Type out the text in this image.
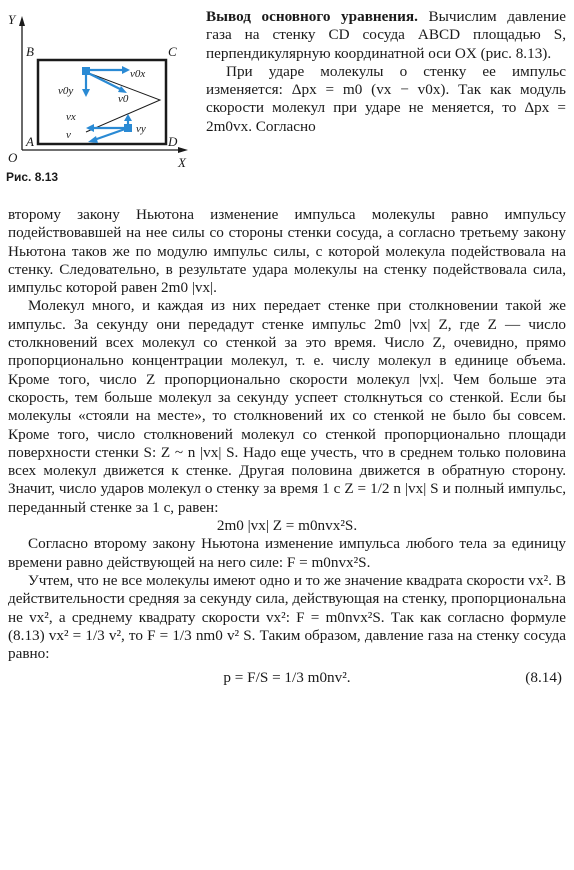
Y
X
O
A
B	C
D
v0y
v0x
v0
vx
vy
v
Рис. 8.13

Вывод основного уравнения. Вычислим давление газа на стенку CD сосуда ABCD площадью S, перпендикулярную координатной оси OX (рис. 8.13).

При ударе молекулы о стенку ее импульс изменяется: Δpx = m0 (vx − v0x). Так как модуль скорости молекул при ударе не меняется, то Δpx = 2m0vx. Согласно

второму закону Ньютона изменение импульса молекулы равно импульсу подействовавшей на нее силы со стороны стенки сосуда, а согласно третьему закону Ньютона таков же по модулю импульс силы, с которой молекула подействовала на стенку. Следовательно, в результате удара молекулы на стенку подействовала сила, импульс которой равен 2m0 |vx|.

Молекул много, и каждая из них передает стенке при столкновении такой же импульс. За секунду они передадут стенке импульс 2m0 |vx| Z, где Z — число столкновений всех молекул со стенкой за это время. Число Z, очевидно, прямо пропорционально концентрации молекул, т. е. числу молекул в единице объема. Кроме того, число Z пропорционально скорости молекул |vx|. Чем больше эта скорость, тем больше молекул за секунду успеет столкнуться со стенкой. Если бы молекулы «стояли на месте», то столкновений их со стенкой не было бы совсем. Кроме того, число столкновений молекул со стенкой пропорционально площади поверхности стенки S: Z ~ n |vx| S. Надо еще учесть, что в среднем только половина всех молекул движется к стенке. Другая половина движется в обратную сторону. Значит, число ударов молекул о стенку за время 1 с Z = 1/2 n |vx| S и полный импульс, переданный стенке за 1 с, равен:

2m0 |vx| Z = m0nvx²S.

Согласно второму закону Ньютона изменение импульса любого тела за единицу времени равно действующей на него силе: F = m0nvx²S.

Учтем, что не все молекулы имеют одно и то же значение квадрата скорости vx². В действительности средняя за секунду сила, действующая на стенку, пропорциональна не vx², а среднему квадрату скорости vx²: F = m0nvx²S. Так как согласно формуле (8.13) vx² = 1/3 v², то F = 1/3 nm0 v² S. Таким образом, давление газа на стенку сосуда равно:

p = F/S = 1/3 m0nv².	(8.14)
